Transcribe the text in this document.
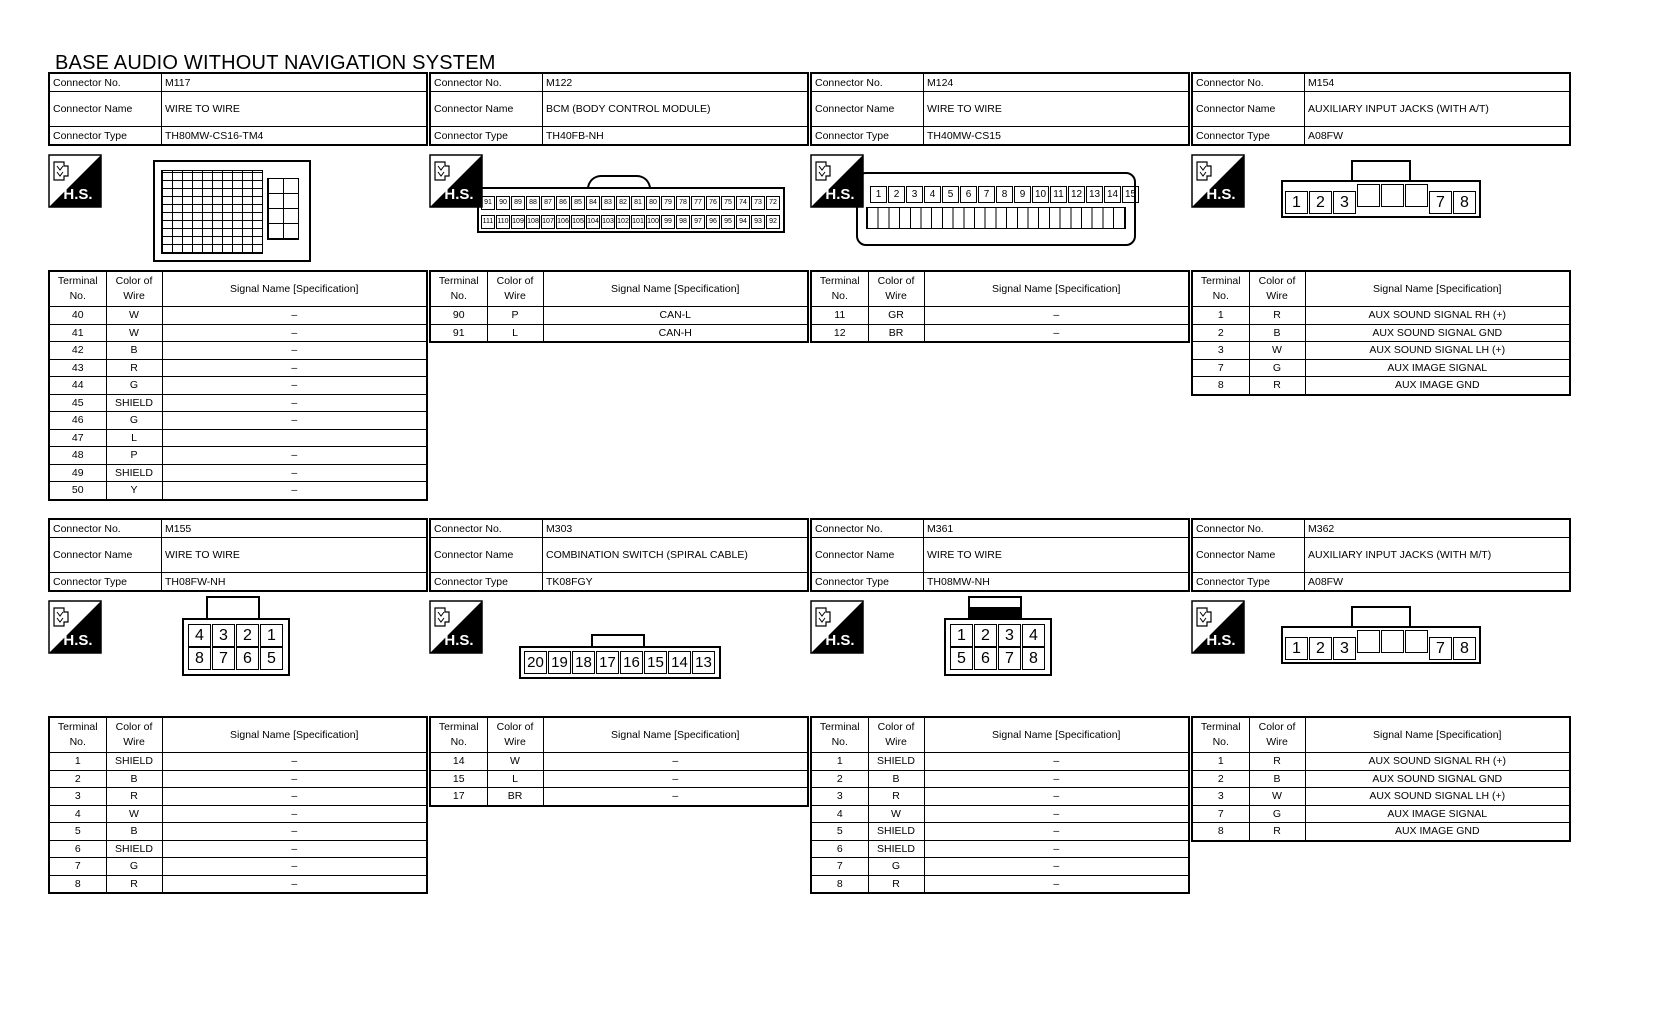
BASE AUDIO WITHOUT NAVIGATION SYSTEM
Connector No.	M117
Connector Name	WIRE TO WIRE
Connector Type	TH80MW-CS16-TM4
H.S.
Terminal No.	Color of Wire	Signal Name [Specification]
40	W	–
41	W	–
42	B	–
43	R	–
44	G	–
45	SHIELD	–
46	G	–
47	L	
48	P	–
49	SHIELD	–
50	Y	–
Connector No.	M122
Connector Name	BCM (BODY CONTROL MODULE)
Connector Type	TH40FB-NH
H.S.	91 90 89 88 87 86 85 84 83 82 81 80 79 78 77 76 75 74 73 72
111 110 109 108 107 106 105 104 103 102 101 100 99 98 97 96 95 94 93 92
Terminal No.	Color of Wire	Signal Name [Specification]
90	P	CAN-L
91	L	CAN-H
Connector No.	M124
Connector Name	WIRE TO WIRE
Connector Type	TH40MW-CS15
H.S.	1 2 3 4 5 6 7 8 9 10 11 12 13 14 15
Terminal No.	Color of Wire	Signal Name [Specification]
11	GR	–
12	BR	–
Connector No.	M154
Connector Name	AUXILIARY INPUT JACKS (WITH A/T)
Connector Type	A08FW
H.S.	1 2 3	7 8
Terminal No.	Color of Wire	Signal Name [Specification]
1	R	AUX SOUND SIGNAL RH (+)
2	B	AUX SOUND SIGNAL GND
3	W	AUX SOUND SIGNAL LH (+)
7	G	AUX IMAGE SIGNAL
8	R	AUX IMAGE GND
Connector No.	M155
Connector Name	WIRE TO WIRE
Connector Type	TH08FW-NH
H.S.	4 3 2 1
8 7 6 5
Terminal No.	Color of Wire	Signal Name [Specification]
1	SHIELD	–
2	B	–
3	R	–
4	W	–
5	B	–
6	SHIELD	–
7	G	–
8	R	–
Connector No.	M303
Connector Name	COMBINATION SWITCH (SPIRAL CABLE)
Connector Type	TK08FGY
H.S.
20 19 18 17 16 15 14 13
Terminal No.	Color of Wire	Signal Name [Specification]
14	W	–
15	L	–
17	BR	–
Connector No.	M361
Connector Name	WIRE TO WIRE
Connector Type	TH08MW-NH
H.S.	1 2 3 4
5 6 7 8
Terminal No.	Color of Wire	Signal Name [Specification]
1	SHIELD	–
2	B	–
3	R	–
4	W	–
5	SHIELD	–
6	SHIELD	–
7	G	–
8	R	–
Connector No.	M362
Connector Name	AUXILIARY INPUT JACKS (WITH M/T)
Connector Type	A08FW
H.S.	1 2 3	7 8
Terminal No.	Color of Wire	Signal Name [Specification]
1	R	AUX SOUND SIGNAL RH (+)
2	B	AUX SOUND SIGNAL GND
3	W	AUX SOUND SIGNAL LH (+)
7	G	AUX IMAGE SIGNAL
8	R	AUX IMAGE GND
